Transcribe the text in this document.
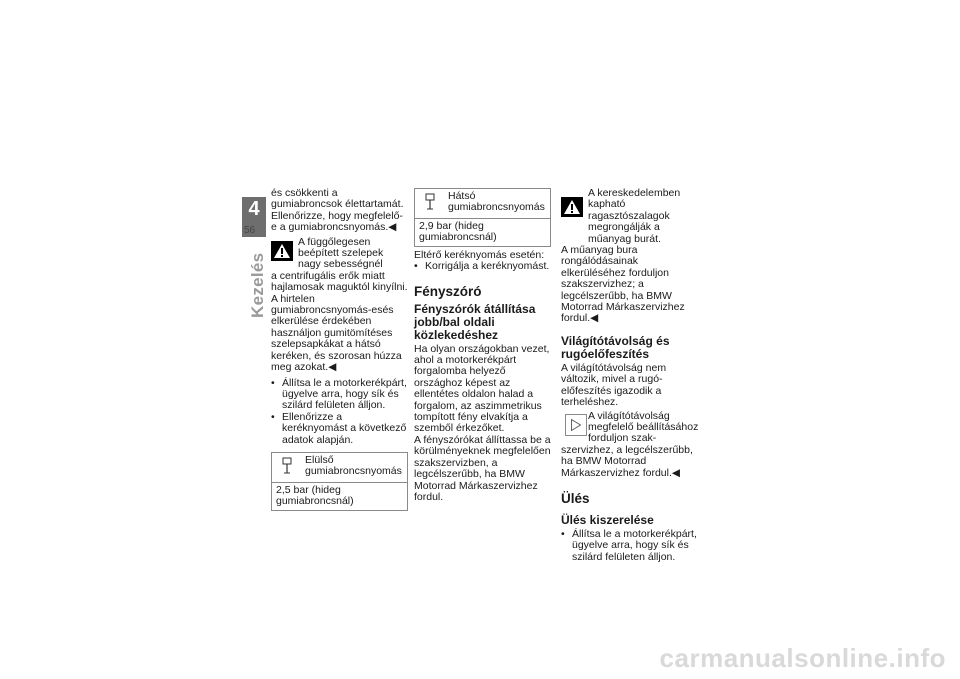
4
56
Kezelés

és csökkenti a gumiabroncsok élettartamát.

Ellenőrizze, hogy megfelelő-e a gumiabroncsnyomás.◀

A függőlegesen beépített szelepek nagy sebességnél

a centrifugális erők miatt hajlamosak maguktól kinyílni.

A hirtelen gumiabroncsnyomás-esés elkerülése érdekében használjon gumitömítéses szelepsapkákat a hátsó keréken, és szorosan húzza meg azokat.◀

• Állítsa le a motorkerékpárt, ügyelve arra, hogy sík és szilárd felületen álljon.
• Ellenőrizze a keréknyomást a következő adatok alapján.
Elülső gumiabroncsnyomás
2,5 bar (hideg gumiabroncsnál)
Hátsó gumiabroncsnyomás
2,9 bar (hideg gumiabroncsnál)

Eltérő keréknyomás esetén:

• Korrigálja a keréknyomást.
Fényszóró
Fényszórók átállítása jobb/bal oldali közlekedéshez

Ha olyan országokban vezet, ahol a motorkerékpárt forgalomba helyező országhoz képest az ellentétes oldalon halad a forgalom, az aszimmetrikus tompított fény elvakítja a szemből érkezőket.

A fényszórókat állíttassa be a körülményeknek megfelelően szakszervizben, a legcélszerűbb, ha BMW Motorrad Márkaszervizhez fordul.

A kereskedelemben kapható ragasztószalagok megrongálják a műanyag burát.

A műanyag bura rongálódásainak elkerüléséhez forduljon szakszervizhez; a legcélszerűbb, ha BMW Motorrad Márkaszervizhez fordul.◀

Világítótávolság és rugóelőfeszítés

A világítótávolság nem változik, mivel a rugó-előfeszítés igazodik a terheléshez.

A világítótávolság megfelelő beállításához forduljon szak-

szervizhez, a legcélszerűbb, ha BMW Motorrad Márkaszervizhez fordul.◀

Ülés
Ülés kiszerelése
• Állítsa le a motorkerékpárt, ügyelve arra, hogy sík és szilárd felületen álljon.
carmanualsonline.info
